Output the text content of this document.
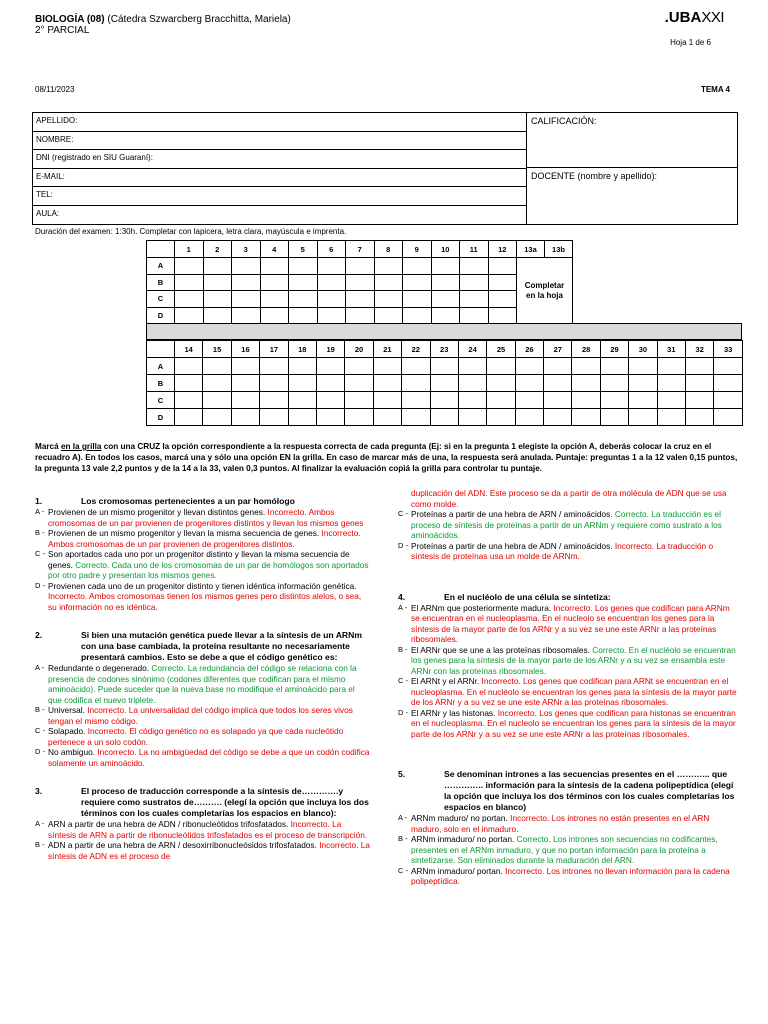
BIOLOGÍA (08) (Cátedra Szwarcberg Bracchitta, Mariela)
2° PARCIAL
.UBAXXI
Hoja 1 de 6
08/11/2023	TEMA 4
APELLIDO:
NOMBRE:
DNI (registrado en SIU Guaraní):
E-MAIL:
TEL:
AULA:
CALIFICACIÓN:
DOCENTE (nombre y apellido):
Duración del examen: 1:30h. Completar con lapicera, letra clara, mayúscula e imprenta.
	1	2	3	4	5	6	7	8	9	10	11	12	13a	13b
A													Completar en la hoja	
B														
C														
D														
	14	15	16	17	18	19	20	21	22	23	24	25	26	27	28	29	30	31	32	33
A																				
B																				
C																				
D																				
Marcá en la grilla con una CRUZ la opción correspondiente a la respuesta correcta de cada pregunta (Ej: si en la pregunta 1 elegiste la opción A, deberás colocar la cruz en el recuadro A). En todos los casos, marcá una y sólo una opción EN la grilla. En caso de marcar más de una, la respuesta será anulada. Puntaje: preguntas 1 a la 12 valen 0,15 puntos, la pregunta 13 vale 2,2 puntos y de la 14 a la 33, valen 0,3 puntos. Al finalizar la evaluación copiá la grilla para controlar tu puntaje.
1.	Los cromosomas pertenecientes a un par homólogo
A - Provienen de un mismo progenitor y llevan distintos genes. Incorrecto. Ambos cromosomas de un par provienen de progenitores distintos y llevan los mismos genes
B - Provienen de un mismo progenitor y llevan la misma secuencia de genes. Incorrecto. Ambos cromosomas de un par provienen de progenitores distintos.
C - Son aportados cada uno por un progenitor distinto y llevan la misma secuencia de genes. Correcto. Cada uno de los cromosomas de un par de homólogos son aportados por otro padre y presentan los mismos genes.
D - Provienen cada uno de un progenitor distinto y tienen idéntica información genética. Incorrecto. Ambos cromosomas tienen los mismos genes pero distintos alelos, o sea, su información no es idéntica.
2.	Si bien una mutación genética puede llevar a la síntesis de un ARNm con una base cambiada, la proteína resultante no necesariamente presentará cambios. Esto se debe a que el código genético es:
A - Redundante o degenerado. Correcto. La redundancia del código se relaciona con la presencia de codones sinónimo (codones diferentes que codifican para el mismo aminoácido). Puede suceder que la nueva base no modifique el aminoácido para el que codifica el nuevo triplete.
B - Universal. Incorrecto. La universalidad del código implica que todos los seres vivos tengan el mismo código.
C - Solapado. Incorrecto. El código genético no es solapado ya que cada nucleótido pertenece a un solo codón.
D - No ambiguo. Incorrecto. La no ambigüedad del código se debe a que un codón codifica solamente un aminoácido.
3.	El proceso de traducción corresponde a la síntesis de………….y requiere como sustratos de………. (elegí la opción que incluya los dos términos con los cuales completarías los espacios en blanco):
A - ARN a partir de una hebra de ADN / ribonucleótidos trifosfatados. Incorrecto. La síntesis de ARN a partir de ribonucleótidos trifosfatados es el proceso de transcripción.
B - ADN a partir de una hebra de ARN / desoxirribonucleósidos trifosfatados. Incorrecto. La síntesis de ADN es el proceso de
duplicación del ADN. Este proceso se da a partir de otra molécula de ADN que se usa como molde.
C - Proteínas a partir de una hebra de ARN / aminoácidos. Correcto. La traducción es el proceso de síntesis de proteínas a partir de un ARNm y requiere como sustrato a los aminoácidos.
D - Proteínas a partir de una hebra de ADN / aminoácidos. Incorrecto. La traducción o síntesis de proteínas usa un molde de ARNm.
4.	En el nucléolo de una célula se sintetiza:
A - El ARNm que posteriormente madura. Incorrecto. Los genes que codifican para ARNm se encuentran en el nucleoplasma. En el nucleolo se encuentran los genes para la síntesis de la mayor parte de los ARNr y a su vez se une este ARNr a las proteínas ribosomales.
B - El ARNr que se une a las proteínas ribosomales. Correcto. En el nucléolo se encuentran los genes para la síntesis de la mayor parte de los ARNr y a su vez se ensambla este ARNr con las proteínas ribosomales.
C - El ARNt y el ARNr. Incorrecto. Los genes que codifican para ARNt se encuentran en el nucleoplasma. En el nucléolo se encuentran los genes para la síntesis de la mayor parte de los ARNr y a su vez se une este ARNr a las proteínas ribosomales.
D - El ARNr y las histonas. Incorrecto. Los genes que codifican para histonas se encuentran en el nucleoplasma. En el nucleolo se encuentran los genes para la síntesis de la mayor parte de los ARNr y a su vez se une este ARNr a las proteínas ribosomales.
5.	Se denominan intrones a las secuencias presentes en el ………... que ………….. información para la síntesis de la cadena polipeptídica (elegí la opción que incluya los dos términos con los cuales completarías los espacios en blanco)
A - ARNm maduro/ no portan. Incorrecto. Los intrones no están presentes en el ARN maduro, solo en el inmaduro.
B - ARNm inmaduro/ no portan. Correcto. Los intrones son secuencias no codificantes, presentes en el ARNm inmaduro, y que no portan información para la proteína a sintetizarse. Son eliminados durante la maduración del ARN.
C - ARNm inmaduro/ portan. Incorrecto. Los intrones no llevan información para la cadena polipeptídica.
